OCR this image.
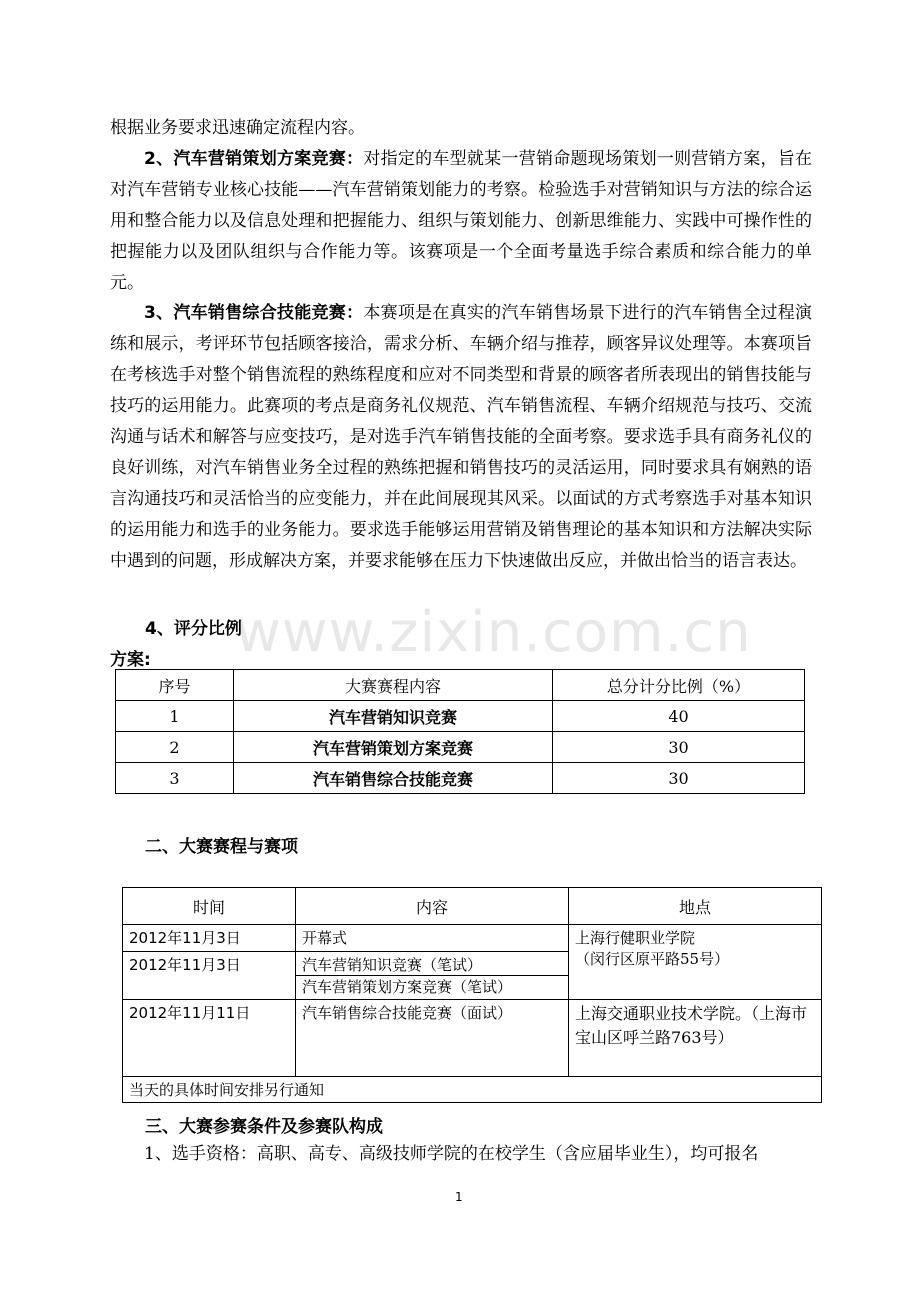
根据业务要求迅速确定流程内容。
2、汽车营销策划方案竞赛：对指定的车型就某一营销命题现场策划一则营销方案，旨在对汽车营销专业核心技能——汽车营销策划能力的考察。检验选手对营销知识与方法的综合运用和整合能力以及信息处理和把握能力、组织与策划能力、创新思维能力、实践中可操作性的把握能力以及团队组织与合作能力等。该赛项是一个全面考量选手综合素质和综合能力的单元。
3、汽车销售综合技能竞赛：本赛项是在真实的汽车销售场景下进行的汽车销售全过程演练和展示，考评环节包括顾客接洽，需求分析、车辆介绍与推荐，顾客异议处理等。本赛项旨在考核选手对整个销售流程的熟练程度和应对不同类型和背景的顾客者所表现出的销售技能与技巧的运用能力。此赛项的考点是商务礼仪规范、汽车销售流程、车辆介绍规范与技巧、交流沟通与话术和解答与应变技巧，是对选手汽车销售技能的全面考察。要求选手具有商务礼仪的良好训练，对汽车销售业务全过程的熟练把握和销售技巧的灵活运用，同时要求具有娴熟的语言沟通技巧和灵活恰当的应变能力，并在此间展现其风采。以面试的方式考察选手对基本知识的运用能力和选手的业务能力。要求选手能够运用营销及销售理论的基本知识和方法解决实际中遇到的问题，形成解决方案，并要求能够在压力下快速做出反应，并做出恰当的语言表达。
www.zixin.com.cn
4、评分比例
方案:
序号	大赛赛程内容	总分计分比例（%）
1	汽车营销知识竞赛	40
2	汽车营销策划方案竞赛	30
3	汽车销售综合技能竞赛	30
二、大赛赛程与赛项
时间	内容	地点
2012年11月3日	开幕式	上海行健职业学院
（闵行区原平路55号）

2012年11月3日	汽车营销知识竞赛（笔试）
汽车营销策划方案竞赛（笔试）	

2012年11月11日	汽车销售综合技能竞赛（面试）	上海交通职业技术学院。（上海市宝山区呼兰路763号）
当天的具体时间安排另行通知		
三、大赛参赛条件及参赛队构成
1、选手资格：高职、高专、高级技师学院的在校学生（含应届毕业生），均可报名
1
